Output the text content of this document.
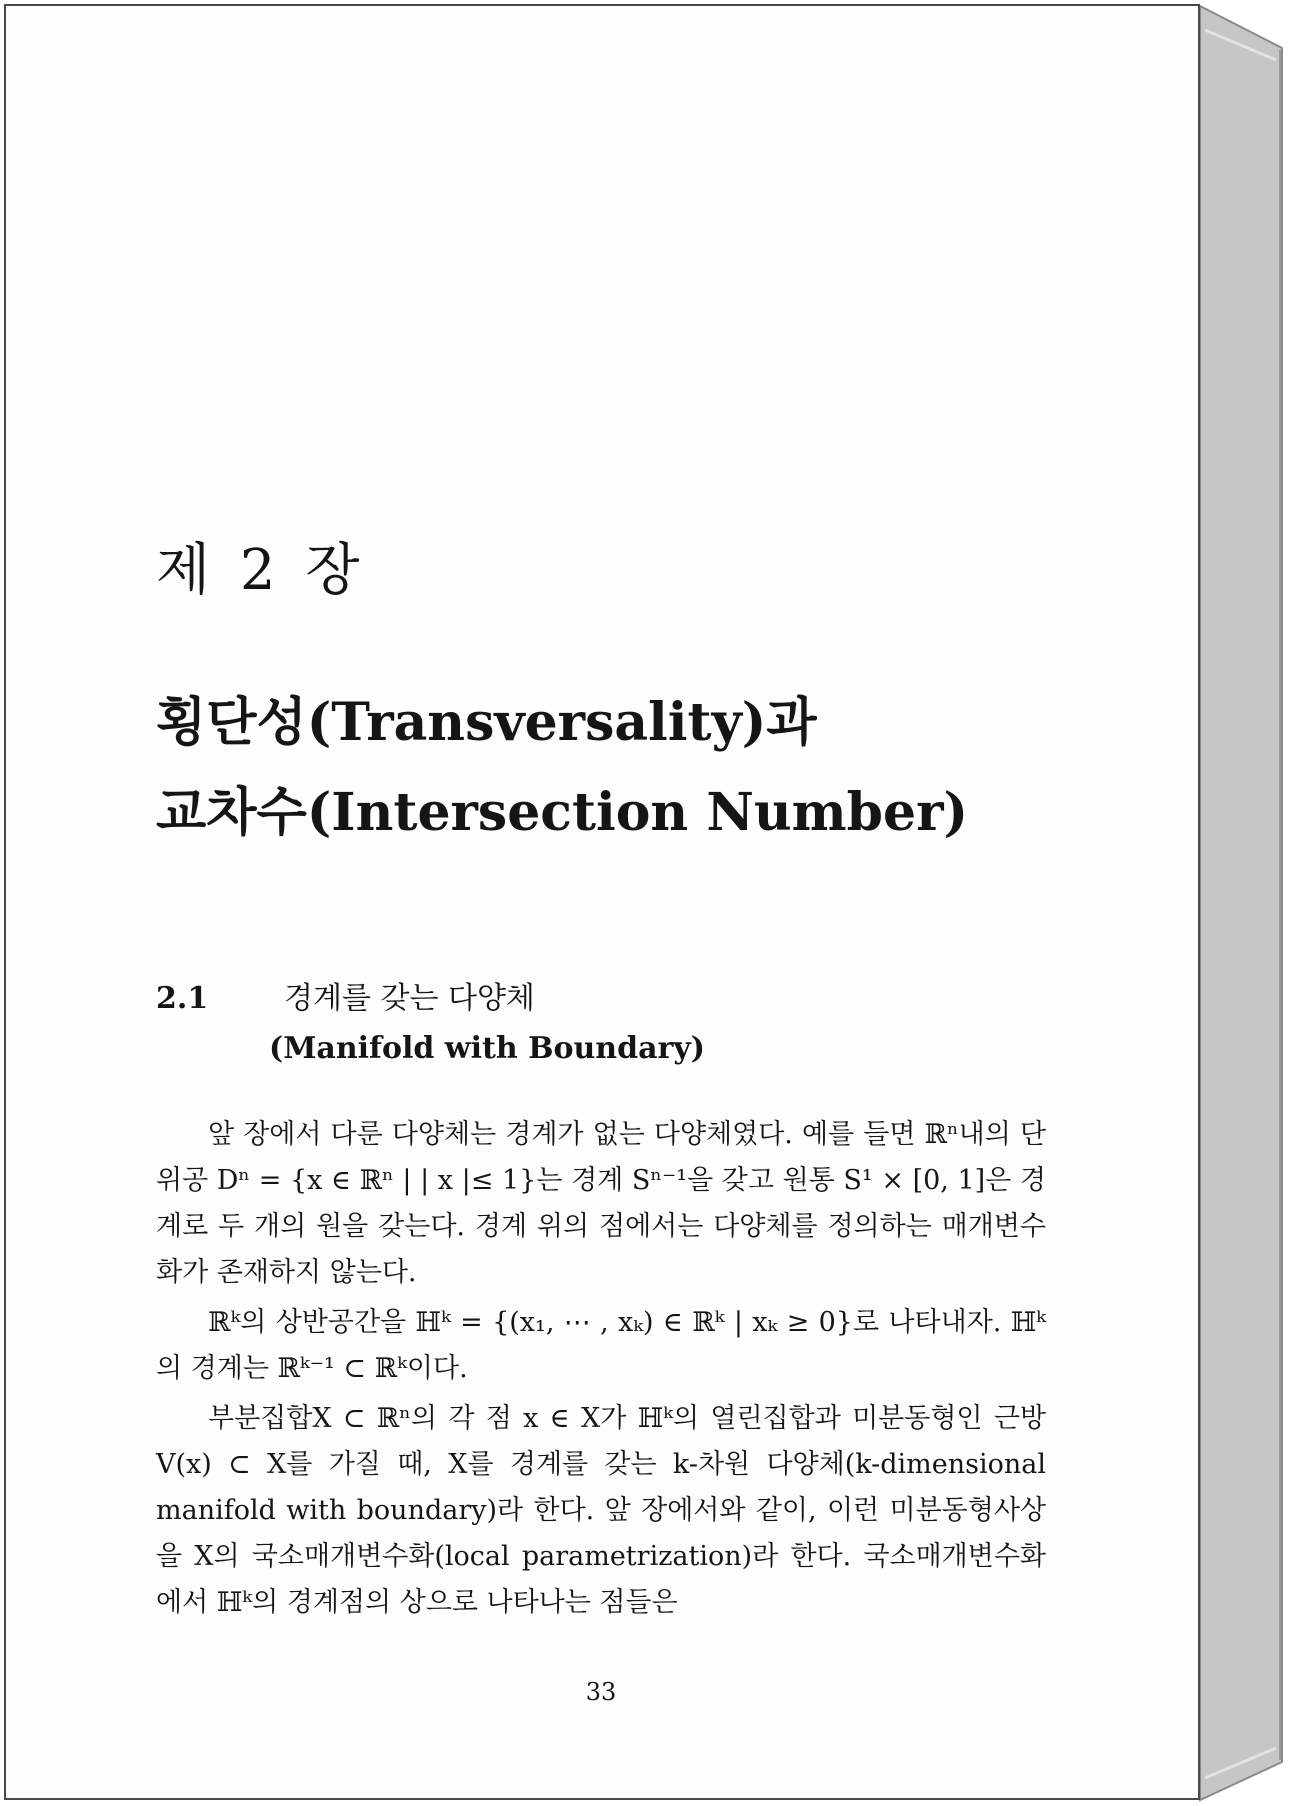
제 2 장
횡단성(Transversality)과
교차수(Intersection Number)
2.1	경계를 갖는 다양체
(Manifold with Boundary)

앞 장에서 다룬 다양체는 경계가 없는 다양체였다. 예를 들면 ℝⁿ내의 단위공 Dⁿ = {x ∈ ℝⁿ | | x |≤ 1}는 경계 Sⁿ⁻¹을 갖고 원통 S¹ × [0, 1]은 경계로 두 개의 원을 갖는다. 경계 위의 점에서는 다양체를 정의하는 매개변수화가 존재하지 않는다.

ℝᵏ의 상반공간을 ℍᵏ = {(x₁, ⋯ , xₖ) ∈ ℝᵏ | xₖ ≥ 0}로 나타내자. ℍᵏ의 경계는 ℝᵏ⁻¹ ⊂ ℝᵏ이다.

부분집합X ⊂ ℝⁿ의 각 점 x ∈ X가 ℍᵏ의 열린집합과 미분동형인 근방 V(x) ⊂ X를 가질 때, X를 경계를 갖는 k-차원 다양체(k-dimensional manifold with boundary)라 한다. 앞 장에서와 같이, 이런 미분동형사상을 X의 국소매개변수화(local parametrization)라 한다. 국소매개변수화에서 ℍᵏ의 경계점의 상으로 나타나는 점들은

33
